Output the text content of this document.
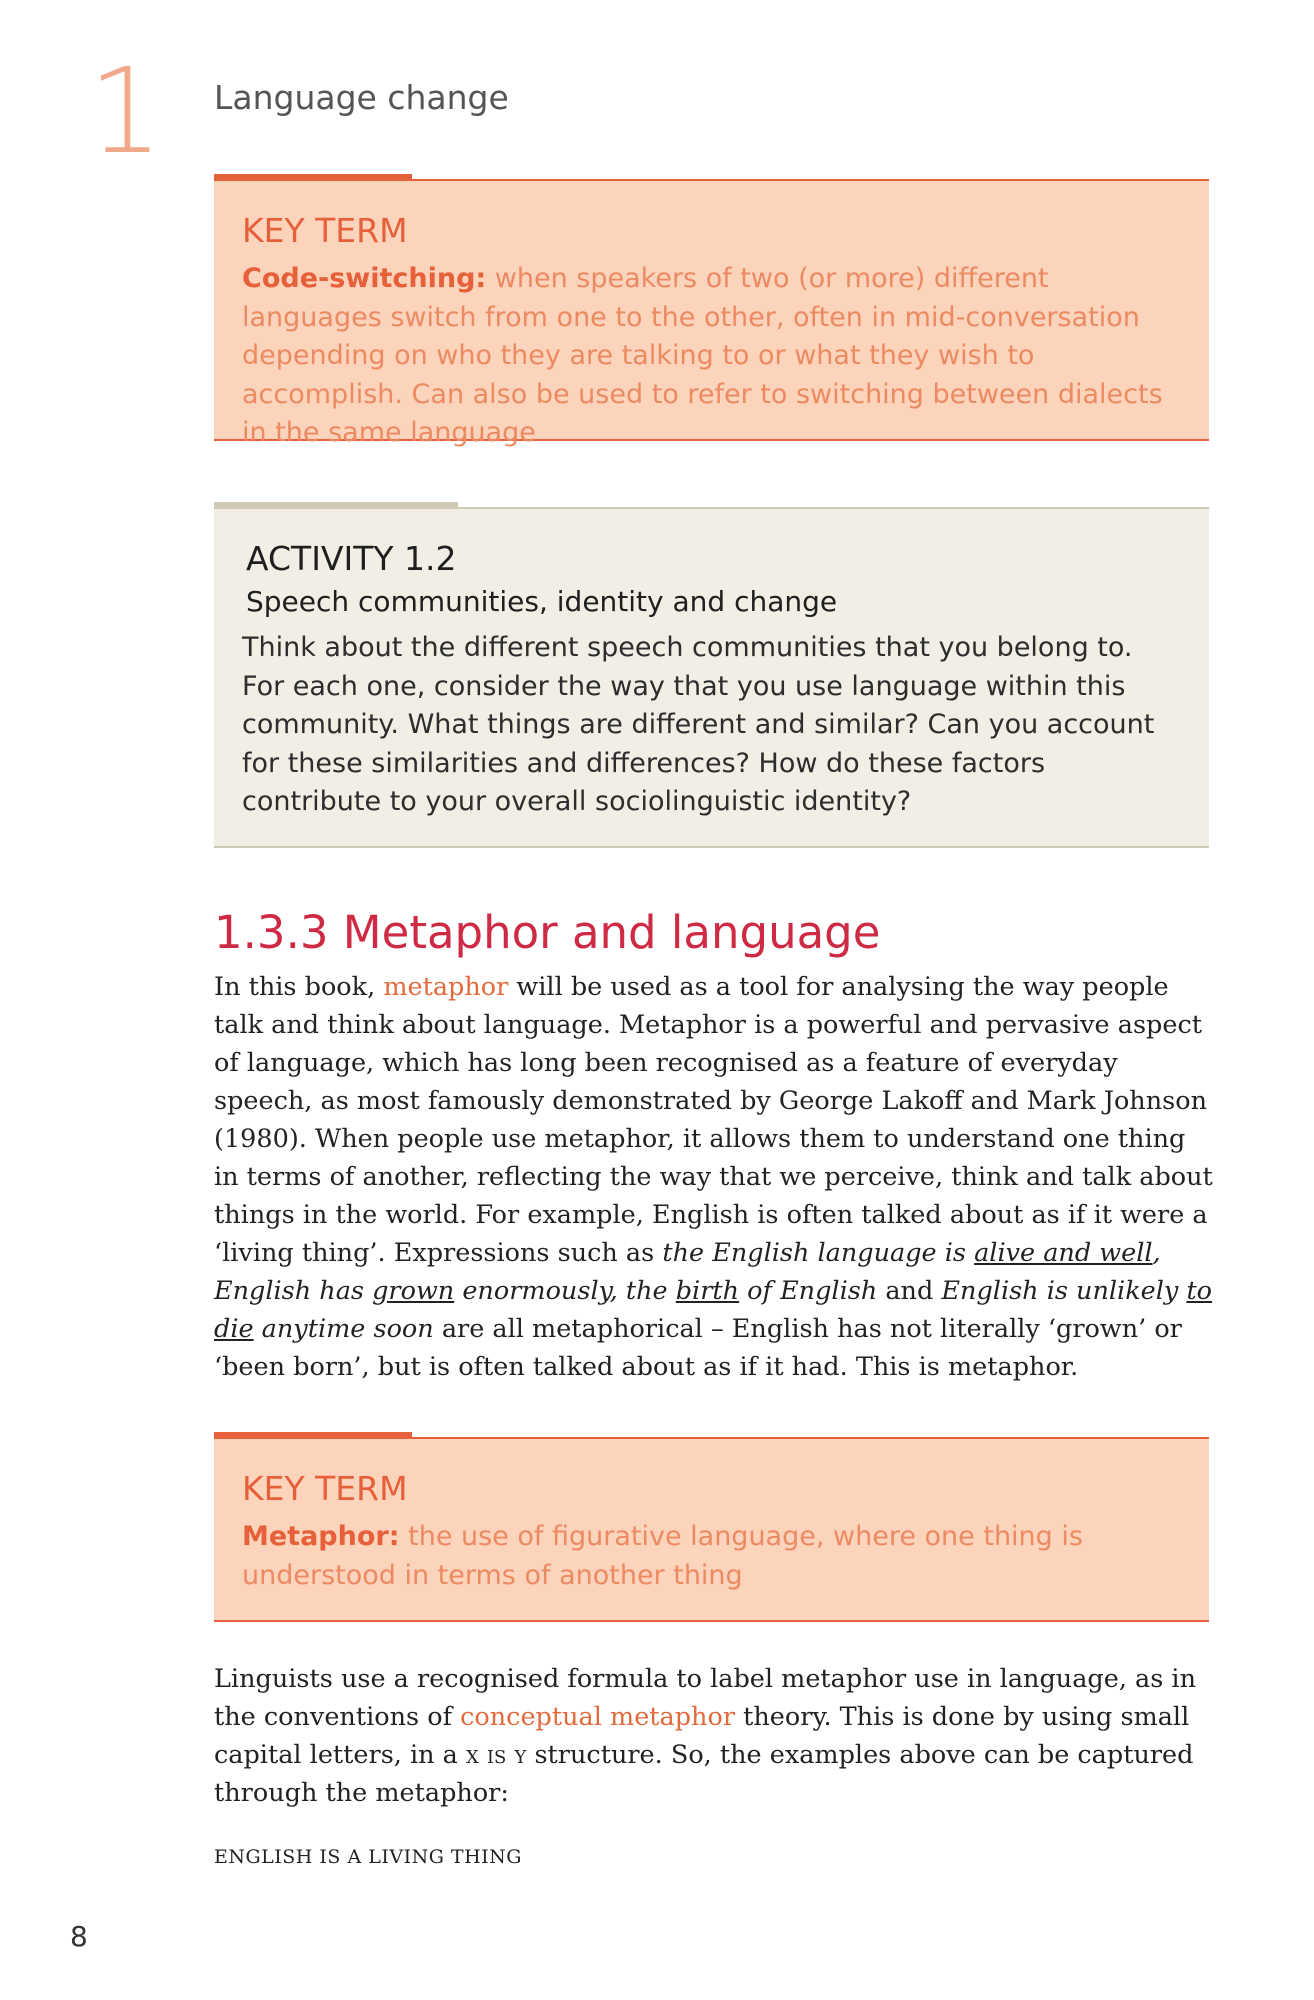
1 Language change
KEY TERM
Code-switching: when speakers of two (or more) different languages switch from one to the other, often in mid-conversation depending on who they are talking to or what they wish to accomplish. Can also be used to refer to switching between dialects in the same language
ACTIVITY 1.2
Speech communities, identity and change
Think about the different speech communities that you belong to. For each one, consider the way that you use language within this community. What things are different and similar? Can you account for these similarities and differences? How do these factors contribute to your overall sociolinguistic identity?
1.3.3 Metaphor and language
In this book, metaphor will be used as a tool for analysing the way people talk and think about language. Metaphor is a powerful and pervasive aspect of language, which has long been recognised as a feature of everyday speech, as most famously demonstrated by George Lakoff and Mark Johnson (1980). When people use metaphor, it allows them to understand one thing in terms of another, reflecting the way that we perceive, think and talk about things in the world. For example, English is often talked about as if it were a ‘living thing’. Expressions such as the English language is alive and well, English has grown enormously, the birth of English and English is unlikely to die anytime soon are all metaphorical – English has not literally ‘grown’ or ‘been born’, but is often talked about as if it had. This is metaphor.
KEY TERM
Metaphor: the use of figurative language, where one thing is understood in terms of another thing
Linguists use a recognised formula to label metaphor use in language, as in the conventions of conceptual metaphor theory. This is done by using small capital letters, in a x is y structure. So, the examples above can be captured through the metaphor:
ENGLISH IS A LIVING THING
8
